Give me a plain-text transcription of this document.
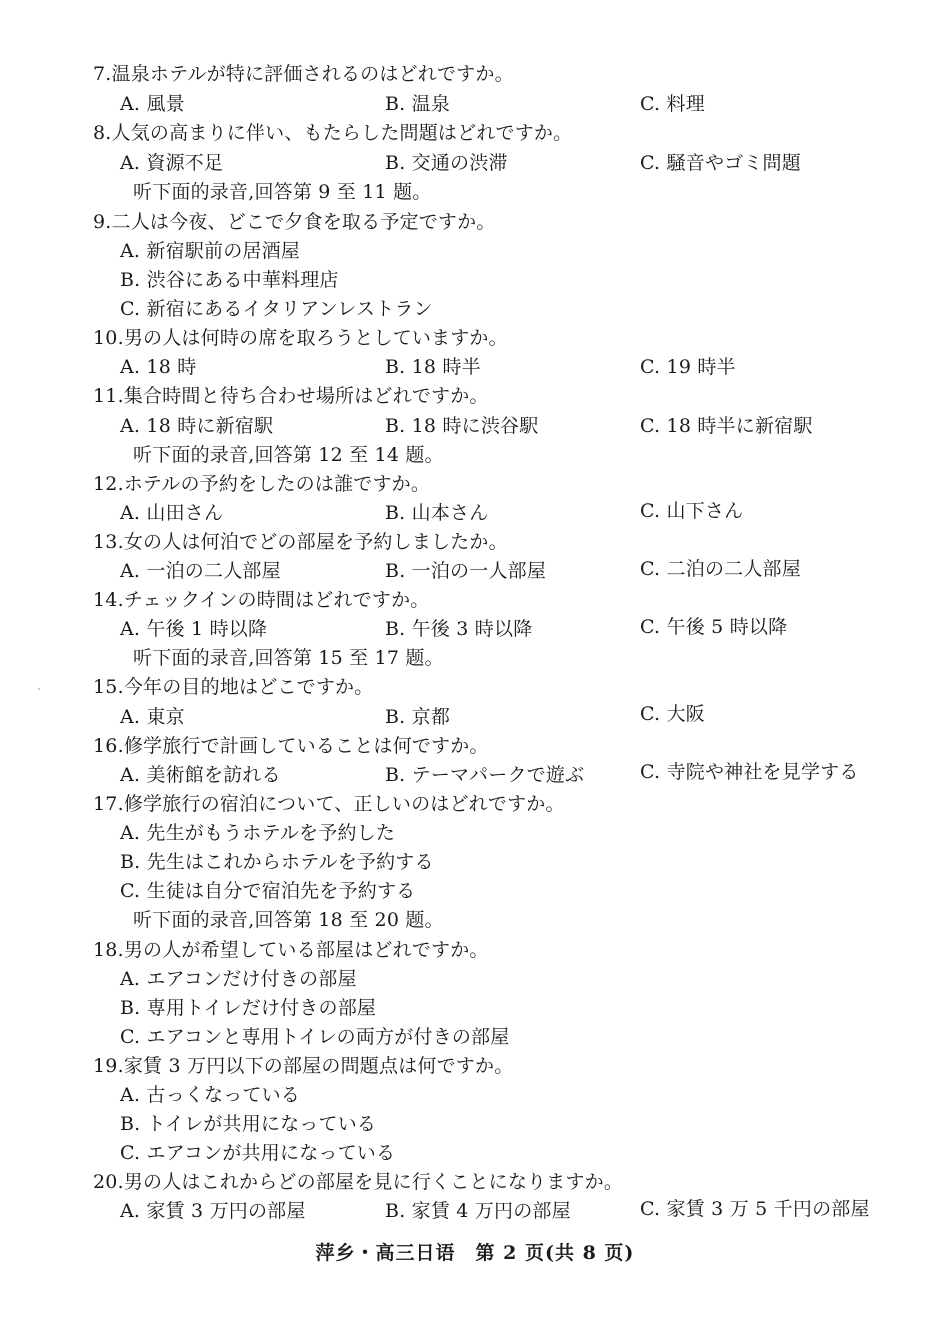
7.温泉ホテルが特に評価されるのはどれですか。
A. 風景	B. 温泉	C. 料理
8.人気の高まりに伴い、もたらした問題はどれですか。
A. 資源不足	B. 交通の渋滞	C. 騒音やゴミ問題
听下面的录音,回答第 9 至 11 题。
9.二人は今夜、どこで夕食を取る予定ですか。
A. 新宿駅前の居酒屋
B. 渋谷にある中華料理店
C. 新宿にあるイタリアンレストラン
10.男の人は何時の席を取ろうとしていますか。
A. 18 時	B. 18 時半	C. 19 時半
11.集合時間と待ち合わせ場所はどれですか。
A. 18 時に新宿駅	B. 18 時に渋谷駅	C. 18 時半に新宿駅
听下面的录音,回答第 12 至 14 题。
12.ホテルの予約をしたのは誰ですか。
A. 山田さん	B. 山本さん	C. 山下さん
13.女の人は何泊でどの部屋を予約しましたか。
A. 一泊の二人部屋	B. 一泊の一人部屋	C. 二泊の二人部屋
14.チェックインの時間はどれですか。
A. 午後 1 時以降	B. 午後 3 時以降	C. 午後 5 時以降
听下面的录音,回答第 15 至 17 题。
15.今年の目的地はどこですか。
A. 東京	B. 京都	C. 大阪
16.修学旅行で計画していることは何ですか。
A. 美術館を訪れる	B. テーマパークで遊ぶ	C. 寺院や神社を見学する
17.修学旅行の宿泊について、正しいのはどれですか。
A. 先生がもうホテルを予約した
B. 先生はこれからホテルを予約する
C. 生徒は自分で宿泊先を予約する
听下面的录音,回答第 18 至 20 题。
18.男の人が希望している部屋はどれですか。
A. エアコンだけ付きの部屋
B. 専用トイレだけ付きの部屋
C. エアコンと専用トイレの両方が付きの部屋
19.家賃 3 万円以下の部屋の問題点は何ですか。
A. 古っくなっている
B. トイレが共用になっている
C. エアコンが共用になっている
20.男の人はこれからどの部屋を見に行くことになりますか。
A. 家賃 3 万円の部屋	B. 家賃 4 万円の部屋	C. 家賃 3 万 5 千円の部屋
萍乡・高三日语　第 2 页(共 8 页)
